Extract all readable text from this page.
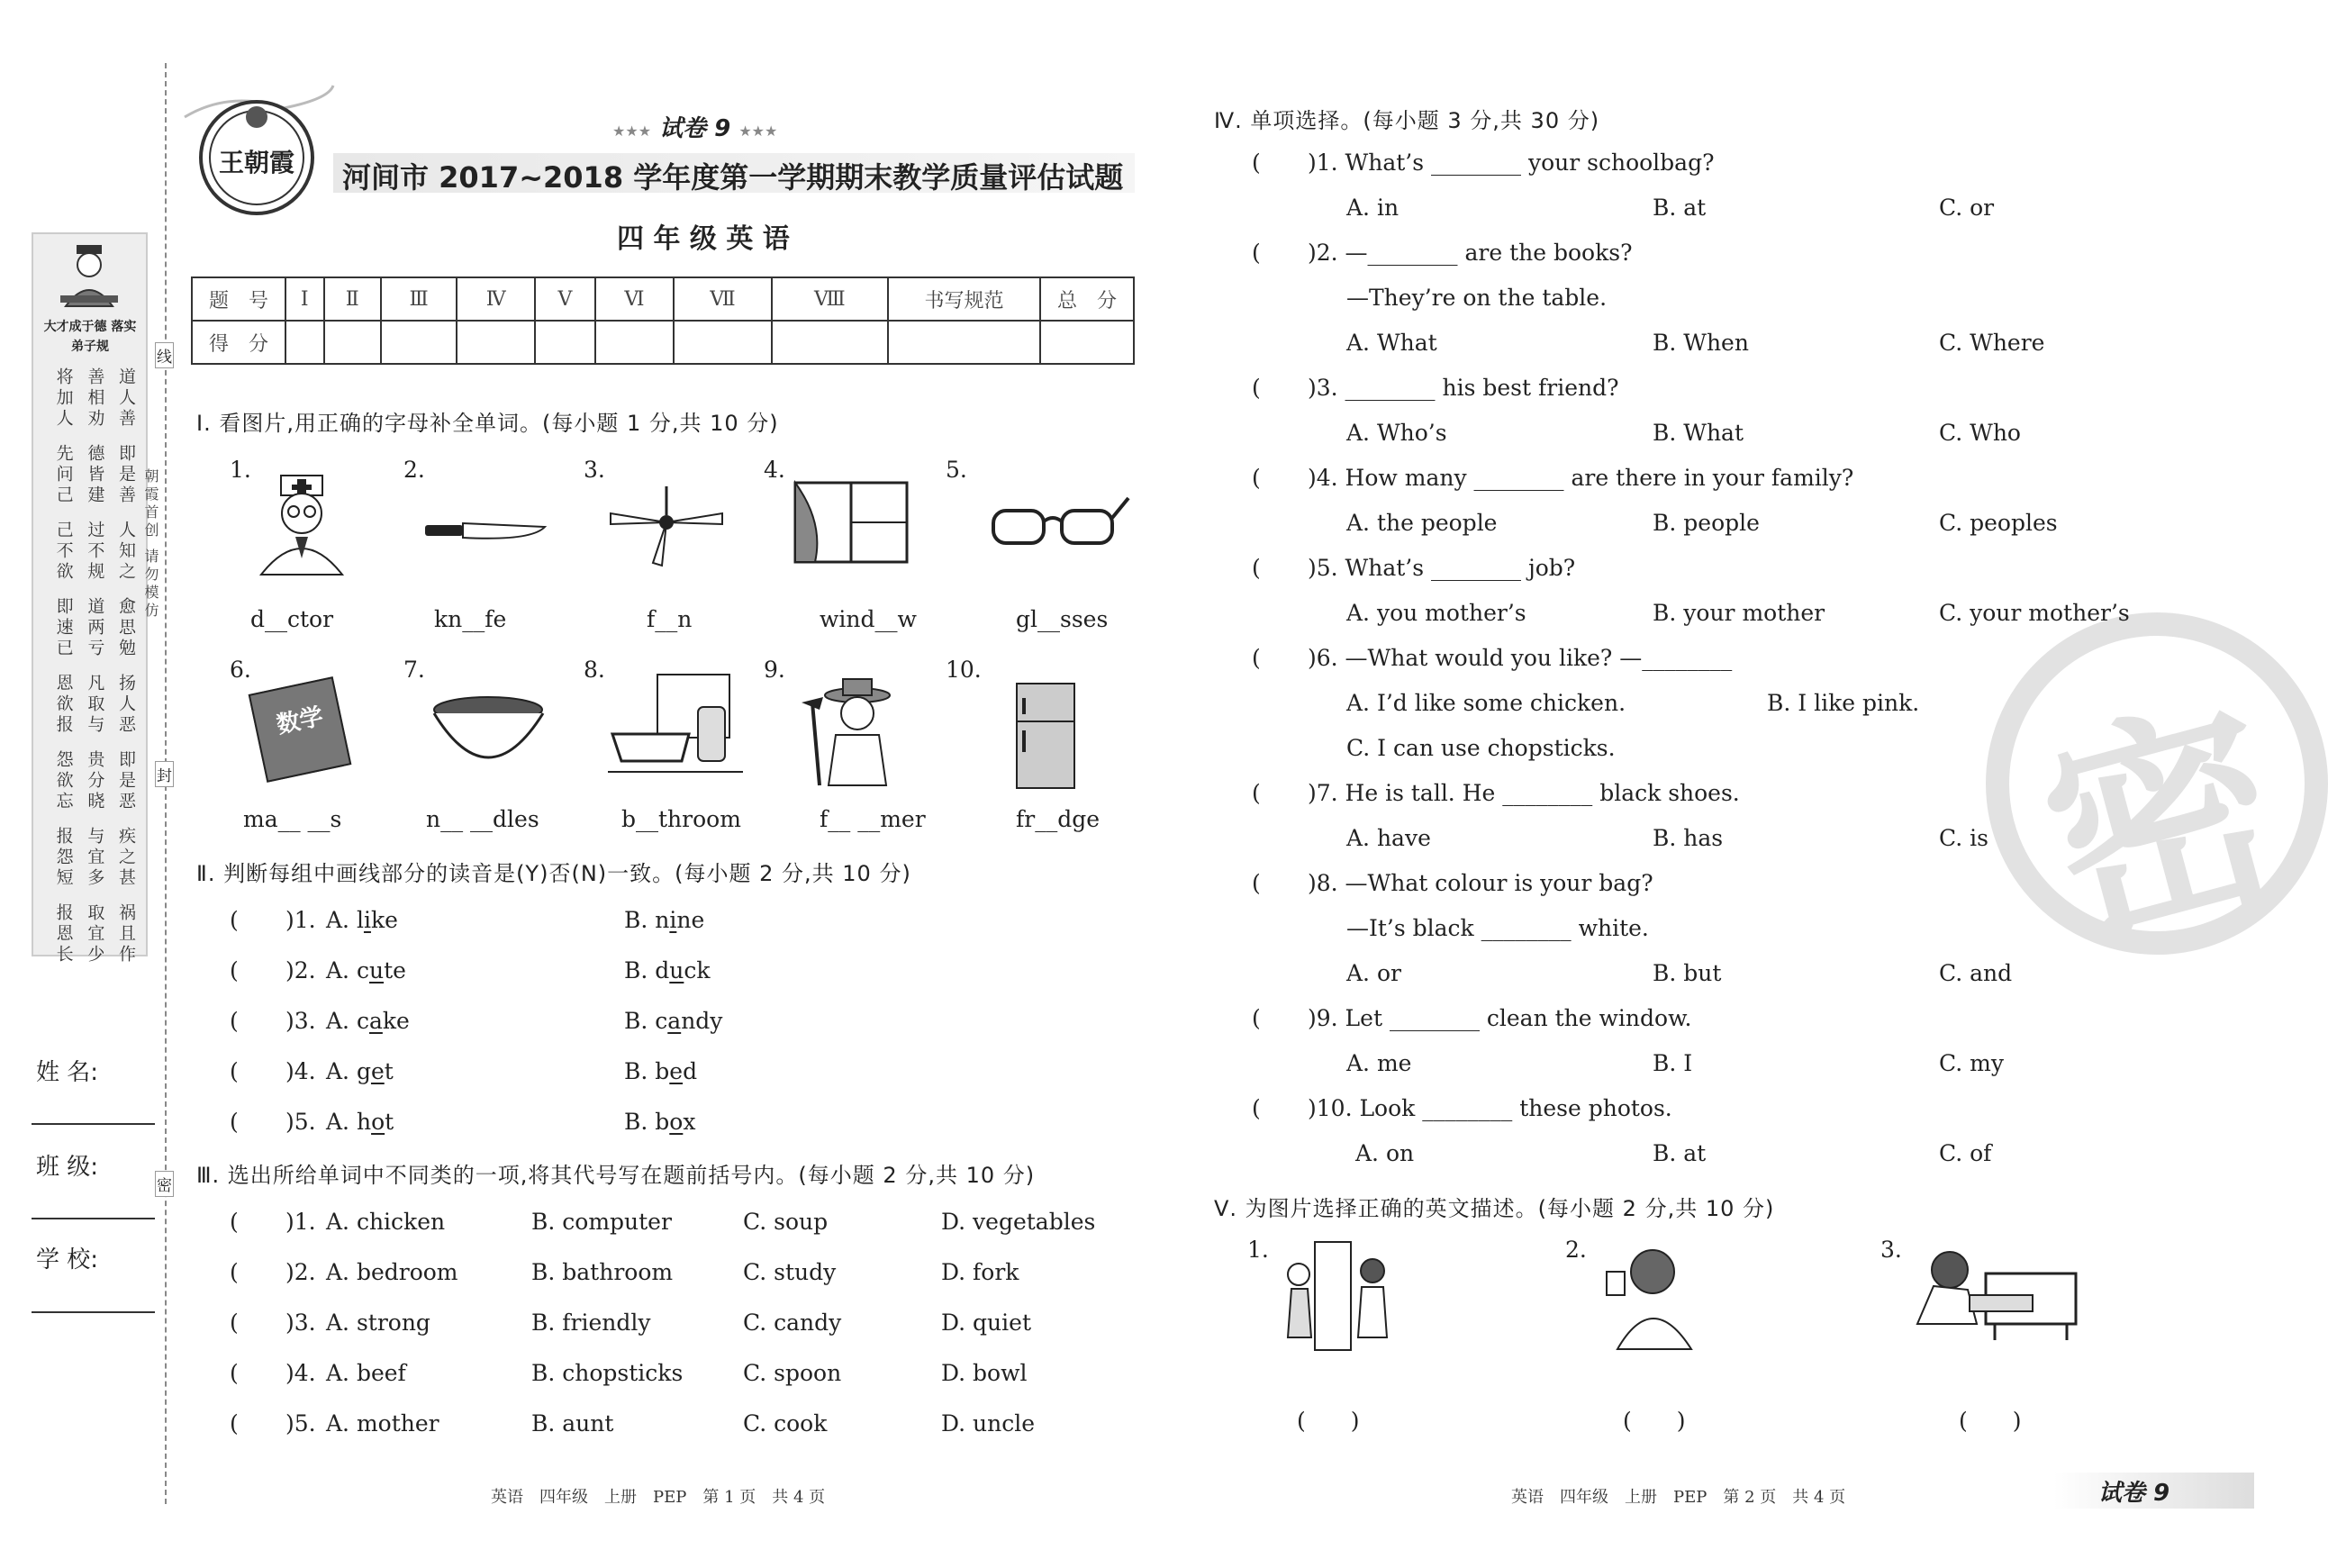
线
封
密
大才成于德 落实弟子规
将加人 善相劝 道人善
先问己 德皆建 即是善
己不欲 过不规 人知之
即速已 道两亏 愈思勉
恩欲报 凡取与 扬人恶
怨欲忘 贵分晓 即是恶
报怨短 与宜多 疾之甚
报恩长 取宜少 祸且作
朝霞首创 请勿模仿
姓 名:
班 级:
学 校:
王朝霞
★★★ 试卷 9 ★★★
河间市 2017~2018 学年度第一学期期末教学质量评估试题
四 年 级 英 语
题　号	Ⅰ	Ⅱ	Ⅲ	Ⅳ	Ⅴ	Ⅵ	Ⅶ	Ⅷ	书写规范	总　分
得　分										
Ⅰ. 看图片,用正确的字母补全单词。(每小题 1 分,共 10 分)
1.	2.	3.	4.	5.
d__ctor	kn__fe	f__n	wind__w	gl__sses
6.
数学
7.	8.	9.	10.
ma__ __s	n__ __dles	b__throom	f__ __mer	fr__dge
Ⅱ. 判断每组中画线部分的读音是(Y)否(N)一致。(每小题 2 分,共 10 分)
( )1. A. like	B. nine
( )2. A. cute	B. duck
( )3. A. cake	B. candy
( )4. A. get	B. bed
( )5. A. hot	B. box
Ⅲ. 选出所给单词中不同类的一项,将其代号写在题前括号内。(每小题 2 分,共 10 分)
( )1. A. chicken	B. computer	C. soup	D. vegetables
( )2. A. bedroom	B. bathroom	C. study	D. fork
( )3. A. strong	B. friendly	C. candy	D. quiet
( )4. A. beef	B. chopsticks	C. spoon	D. bowl
( )5. A. mother	B. aunt	C. cook	D. uncle
英语　四年级　上册　PEP　第 1 页　共 4 页
密
Ⅳ. 单项选择。(每小题 3 分,共 30 分)
( )1. What’s ________ your schoolbag?
A. in	B. at	C. or
( )2. —________ are the books?
—They’re on the table.
A. What	B. When	C. Where
( )3. ________ his best friend?
A. Who’s	B. What	C. Who
( )4. How many ________ are there in your family?
A. the people	B. people	C. peoples
( )5. What’s ________ job?
A. you mother’s	B. your mother	C. your mother’s
( )6. —What would you like? —________
A. I’d like some chicken.	B. I like pink.
C. I can use chopsticks.
( )7. He is tall. He ________ black shoes.
A. have	B. has	C. is
( )8. —What colour is your bag?
—It’s black ________ white.
A. or	B. but	C. and
( )9. Let ________ clean the window.
A. me	B. I	C. my
( )10. Look ________ these photos.
A. on	B. at	C. of
Ⅴ. 为图片选择正确的英文描述。(每小题 2 分,共 10 分)
1.	2.	3.
(　　)	(　　)	(　　)
英语　四年级　上册　PEP　第 2 页　共 4 页	试卷 9
